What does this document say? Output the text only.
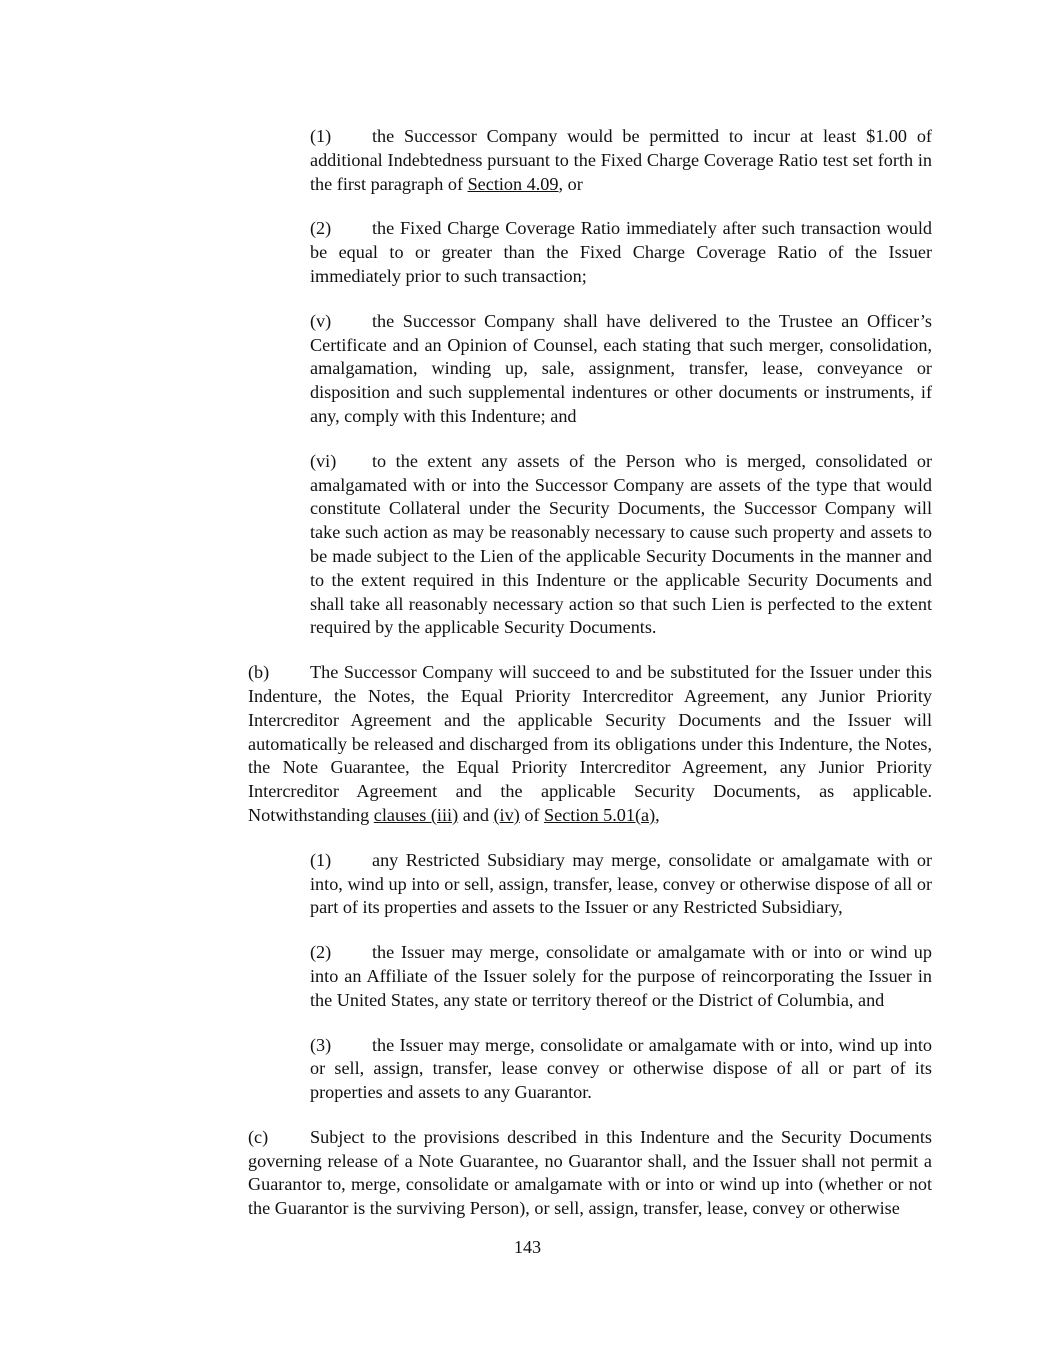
(1) the Successor Company would be permitted to incur at least $1.00 of additional Indebtedness pursuant to the Fixed Charge Coverage Ratio test set forth in the first paragraph of Section 4.09, or

(2) the Fixed Charge Coverage Ratio immediately after such transaction would be equal to or greater than the Fixed Charge Coverage Ratio of the Issuer immediately prior to such transaction;

(v) the Successor Company shall have delivered to the Trustee an Officer’s Certificate and an Opinion of Counsel, each stating that such merger, consolidation, amalgamation, winding up, sale, assignment, transfer, lease, conveyance or disposition and such supplemental indentures or other documents or instruments, if any, comply with this Indenture; and

(vi) to the extent any assets of the Person who is merged, consolidated or amalgamated with or into the Successor Company are assets of the type that would constitute Collateral under the Security Documents, the Successor Company will take such action as may be reasonably necessary to cause such property and assets to be made subject to the Lien of the applicable Security Documents in the manner and to the extent required in this Indenture or the applicable Security Documents and shall take all reasonably necessary action so that such Lien is perfected to the extent required by the applicable Security Documents.

(b) The Successor Company will succeed to and be substituted for the Issuer under this Indenture, the Notes, the Equal Priority Intercreditor Agreement, any Junior Priority Intercreditor Agreement and the applicable Security Documents and the Issuer will automatically be released and discharged from its obligations under this Indenture, the Notes, the Note Guarantee, the Equal Priority Intercreditor Agreement, any Junior Priority Intercreditor Agreement and the applicable Security Documents, as applicable. Notwithstanding clauses (iii) and (iv) of Section 5.01(a),

(1) any Restricted Subsidiary may merge, consolidate or amalgamate with or into, wind up into or sell, assign, transfer, lease, convey or otherwise dispose of all or part of its properties and assets to the Issuer or any Restricted Subsidiary,

(2) the Issuer may merge, consolidate or amalgamate with or into or wind up into an Affiliate of the Issuer solely for the purpose of reincorporating the Issuer in the United States, any state or territory thereof or the District of Columbia, and

(3) the Issuer may merge, consolidate or amalgamate with or into, wind up into or sell, assign, transfer, lease convey or otherwise dispose of all or part of its properties and assets to any Guarantor.

(c) Subject to the provisions described in this Indenture and the Security Documents governing release of a Note Guarantee, no Guarantor shall, and the Issuer shall not permit a Guarantor to, merge, consolidate or amalgamate with or into or wind up into (whether or not the Guarantor is the surviving Person), or sell, assign, transfer, lease, convey or otherwise

143
